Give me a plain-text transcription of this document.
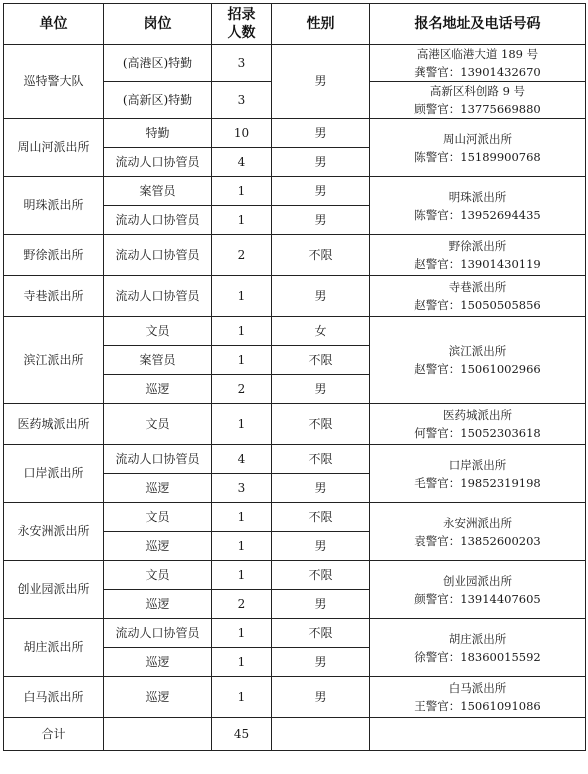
单位	岗位	招录人数	性别	报名地址及电话号码
巡特警大队	(高港区)特勤	3	男	高港区临港大道 189 号
龚警官：13901432670

	(高新区)特勤	3		高新区科创路 9 号
顾警官：13775669880

周山河派出所	特勤	10	男	周山河派出所
陈警官：15189900768

	流动人口协管员	4	男	
明珠派出所	案管员	1	男	明珠派出所
陈警官：13952694435

	流动人口协管员	1	男	
野徐派出所	流动人口协管员	2	不限	野徐派出所
赵警官：13901430119

寺巷派出所	流动人口协管员	1	男	寺巷派出所
赵警官：15050505856

滨江派出所	文员	1	女	滨江派出所
赵警官：15061002966

	案管员	1	不限	
	巡逻	2	男	
医药城派出所	文员	1	不限	医药城派出所
何警官：15052303618

口岸派出所	流动人口协管员	4	不限	口岸派出所
毛警官：19852319198

	巡逻	3	男	
永安洲派出所	文员	1	不限	永安洲派出所
袁警官：13852600203

	巡逻	1	男	
创业园派出所	文员	1	不限	创业园派出所
颜警官：13914407605

	巡逻	2	男	
胡庄派出所	流动人口协管员	1	不限	胡庄派出所
徐警官：18360015592

	巡逻	1	男	
白马派出所	巡逻	1	男	白马派出所
王警官：15061091086

合计		45		
